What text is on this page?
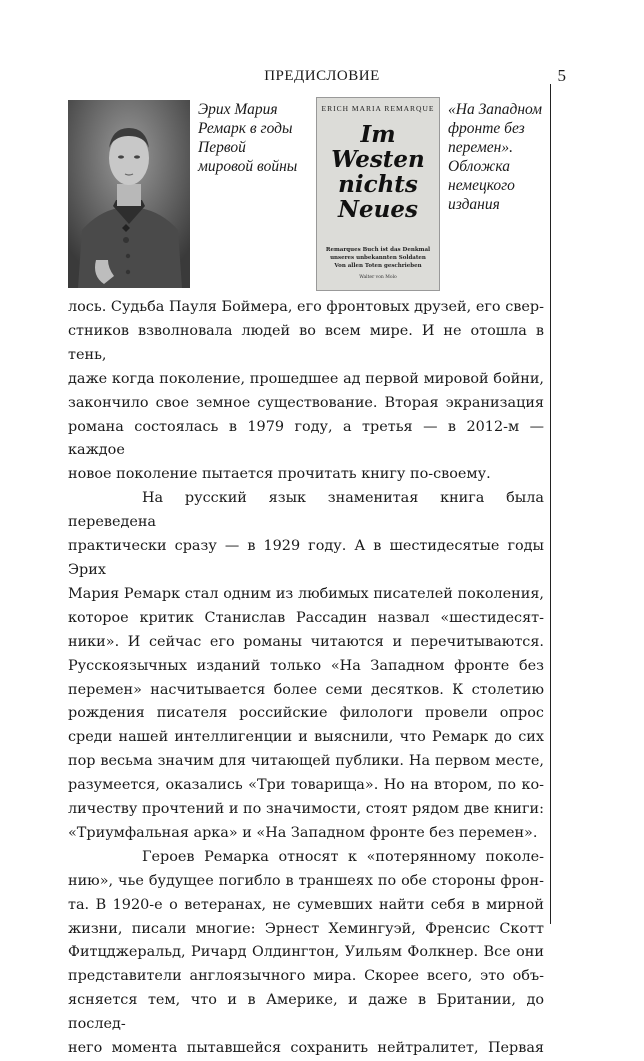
ПРЕДИСЛОВИЕ	5
Эрих Мария Ремарк в годы Первой мировой войны
ERICH MARIA REMARQUE
Im
Westen
nichts
Neues
Remarques Buch ist das Denkmal
unseres unbekannten Soldaten
Von allen Toten geschrieben
Walter von Molo
«На Западном фронте без перемен». Обложка немецкого издания

лось. Судьба Пауля Боймера, его фронтовых друзей, его свер-

стников взволновала людей во всем мире. И не отошла в тень,

даже когда поколение, прошедшее ад первой мировой бойни,

закончило свое земное существование. Вторая экранизация

романа состоялась в 1979 году, а третья — в 2012-м — каждое

новое поколение пытается прочитать книгу по-своему.

На русский язык знаменитая книга была переведена

практически сразу — в 1929 году. А в шестидесятые годы Эрих

Мария Ремарк стал одним из любимых писателей поколения,

которое критик Станислав Рассадин назвал «шестидесят-

ники». И сейчас его романы читаются и перечитываются.

Русскоязычных изданий только «На Западном фронте без

перемен» насчитывается более семи десятков. К столетию

рождения писателя российские филологи провели опрос

среди нашей интеллигенции и выяснили, что Ремарк до сих

пор весьма значим для читающей публики. На первом месте,

разумеется, оказались «Три товарища». Но на втором, по ко-

личеству прочтений и по значимости, стоят рядом две книги:

«Триумфальная арка» и «На Западном фронте без перемен».

Героев Ремарка относят к «потерянному поколе-

нию», чье будущее погибло в траншеях по обе стороны фрон-

та. В 1920-е о ветеранах, не сумевших найти себя в мирной

жизни, писали многие: Эрнест Хемингуэй, Френсис Скотт

Фитцджеральд, Ричард Олдингтон, Уильям Фолкнер. Все они

представители англоязычного мира. Скорее всего, это объ-

ясняется тем, что и в Америке, и даже в Британии, до послед-

него момента пытавшейся сохранить нейтралитет, Первая
